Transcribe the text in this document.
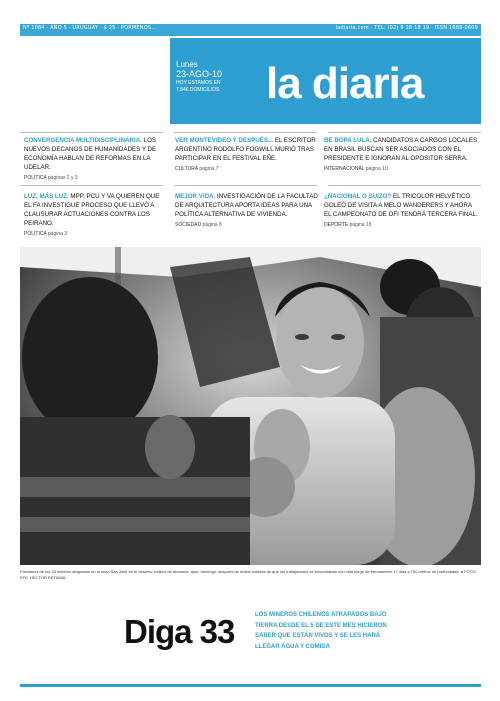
Nº 1084 · AÑO 5 · URUGUAY · $ 25 · PORMENOS...	ladiaria.com · TEL: (02) 9 18 18 19 · ISSN 1688-0609
Lunes
23-AGO-10
HOY ESTAMOS EN
7.846 DOMICILIOS la diaria
CONVERGENCIA MULTIDISCIPLINARIA. LOS NUEVOS DECANOS DE HUMANIDADES Y DE ECONOMÍA HABLAN DE REFORMAS EN LA UDELAR.
POLÍTICA páginas 2 y 3
VER MONTEVIDEO Y DESPUÉS... EL ESCRITOR ARGENTINO RODOLFO FOGWILL MURIÓ TRAS PARTICIPAR EN EL FESTIVAL EÑE.
CULTURA página 7
BE BOPA LULA. CANDIDATOS A CARGOS LOCALES EN BRASIL BUSCAN SER ASOCIADOS CON EL PRESIDENTE E IGNORAN AL OPOSITOR SERRA.
INTERNACIONAL página 10
LUZ, MÁS LUZ. MPP, PCU Y VA QUIEREN QUE EL FA INVESTIGUE PROCESO QUE LLEVÓ A CLAUSURAR ACTUACIONES CONTRA LOS PEIRANO.
POLÍTICA página 3
MEJOR VIDA. INVESTIGACIÓN DE LA FACULTAD DE ARQUITECTURA APORTA IDEAS PARA UNA POLÍTICA ALTERNATIVA DE VIVIENDA.
SOCIEDAD página 8
¿NACIONAL O SUIZO? EL TRICOLOR HELVÉTICO GOLEÓ DE VISITA A MELO WANDERERS Y AHORA EL CAMPEONATO DE OFI TENDRÁ TERCERA FINAL.
DEPORTE página 15
Familiares de los 33 mineros atrapados en la mina San José en el desierto chileno de Atacama, ayer, domingo, después de recibir noticias de que los trabajadores se encontraban con vida luego de permanecer 17 días a 700 metros de profundidad. ● FOTO: EFE, HECTOR RETAMAL
Diga 33	LOS MINEROS CHILENOS ATRAPADOS BAJO TIERRA DESDE EL 5 DE ESTE MES HICIERON SABER QUE ESTÁN VIVOS Y SE LES HARÁ LLEGAR AGUA Y COMIDA
